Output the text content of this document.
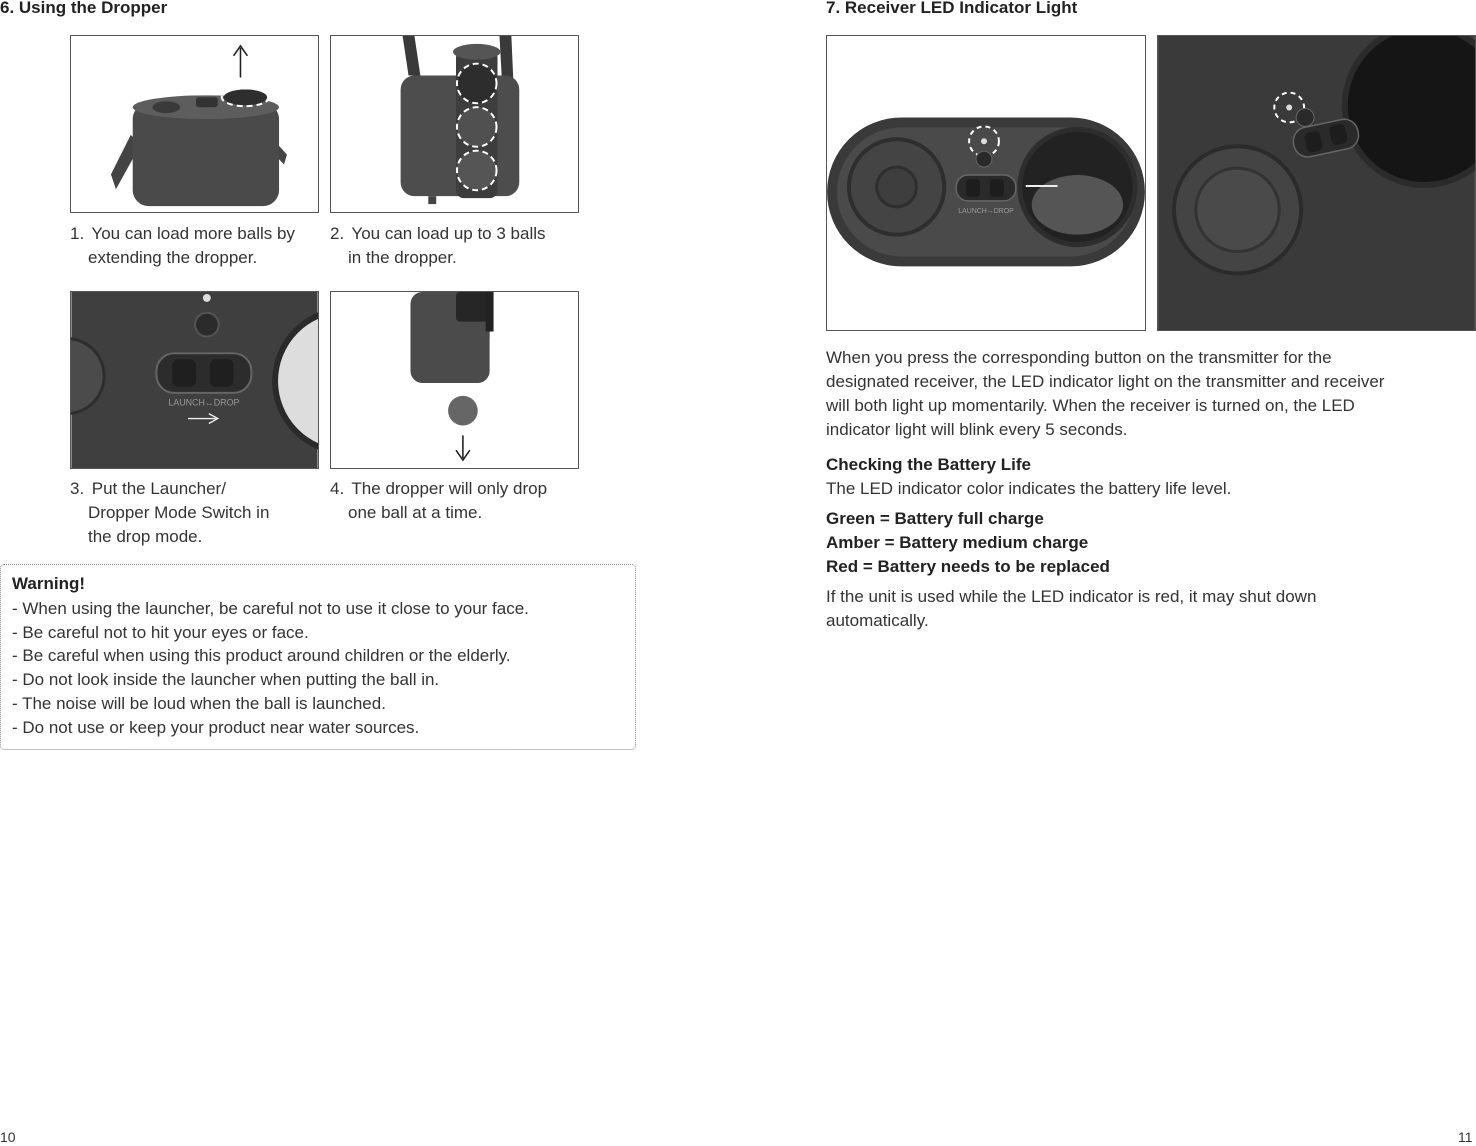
6. Using the Dropper
1. You can load more balls by
extending the dropper.
2. You can load up to 3 balls
in the dropper.
LAUNCH↔DROP
3. Put the Launcher/
Dropper Mode Switch in
the drop mode.
4. The dropper will only drop
one ball at a time.
Warning!
- When using the launcher, be careful not to use it close to your face.
- Be careful not to hit your eyes or face.
- Be careful when using this product around children or the elderly.
- Do not look inside the launcher when putting the ball in.
- The noise will be loud when the ball is launched.
- Do not use or keep your product near water sources.
10
7. Receiver LED Indicator Light
LAUNCH↔DROP
When you press the corresponding button on the transmitter for the
designated receiver, the LED indicator light on the transmitter and receiver
will both light up momentarily. When the receiver is turned on, the LED
indicator light will blink every 5 seconds.
Checking the Battery Life
The LED indicator color indicates the battery life level.
Green = Battery full charge
Amber = Battery medium charge
Red = Battery needs to be replaced
If the unit is used while the LED indicator is red, it may shut down
automatically.
11
